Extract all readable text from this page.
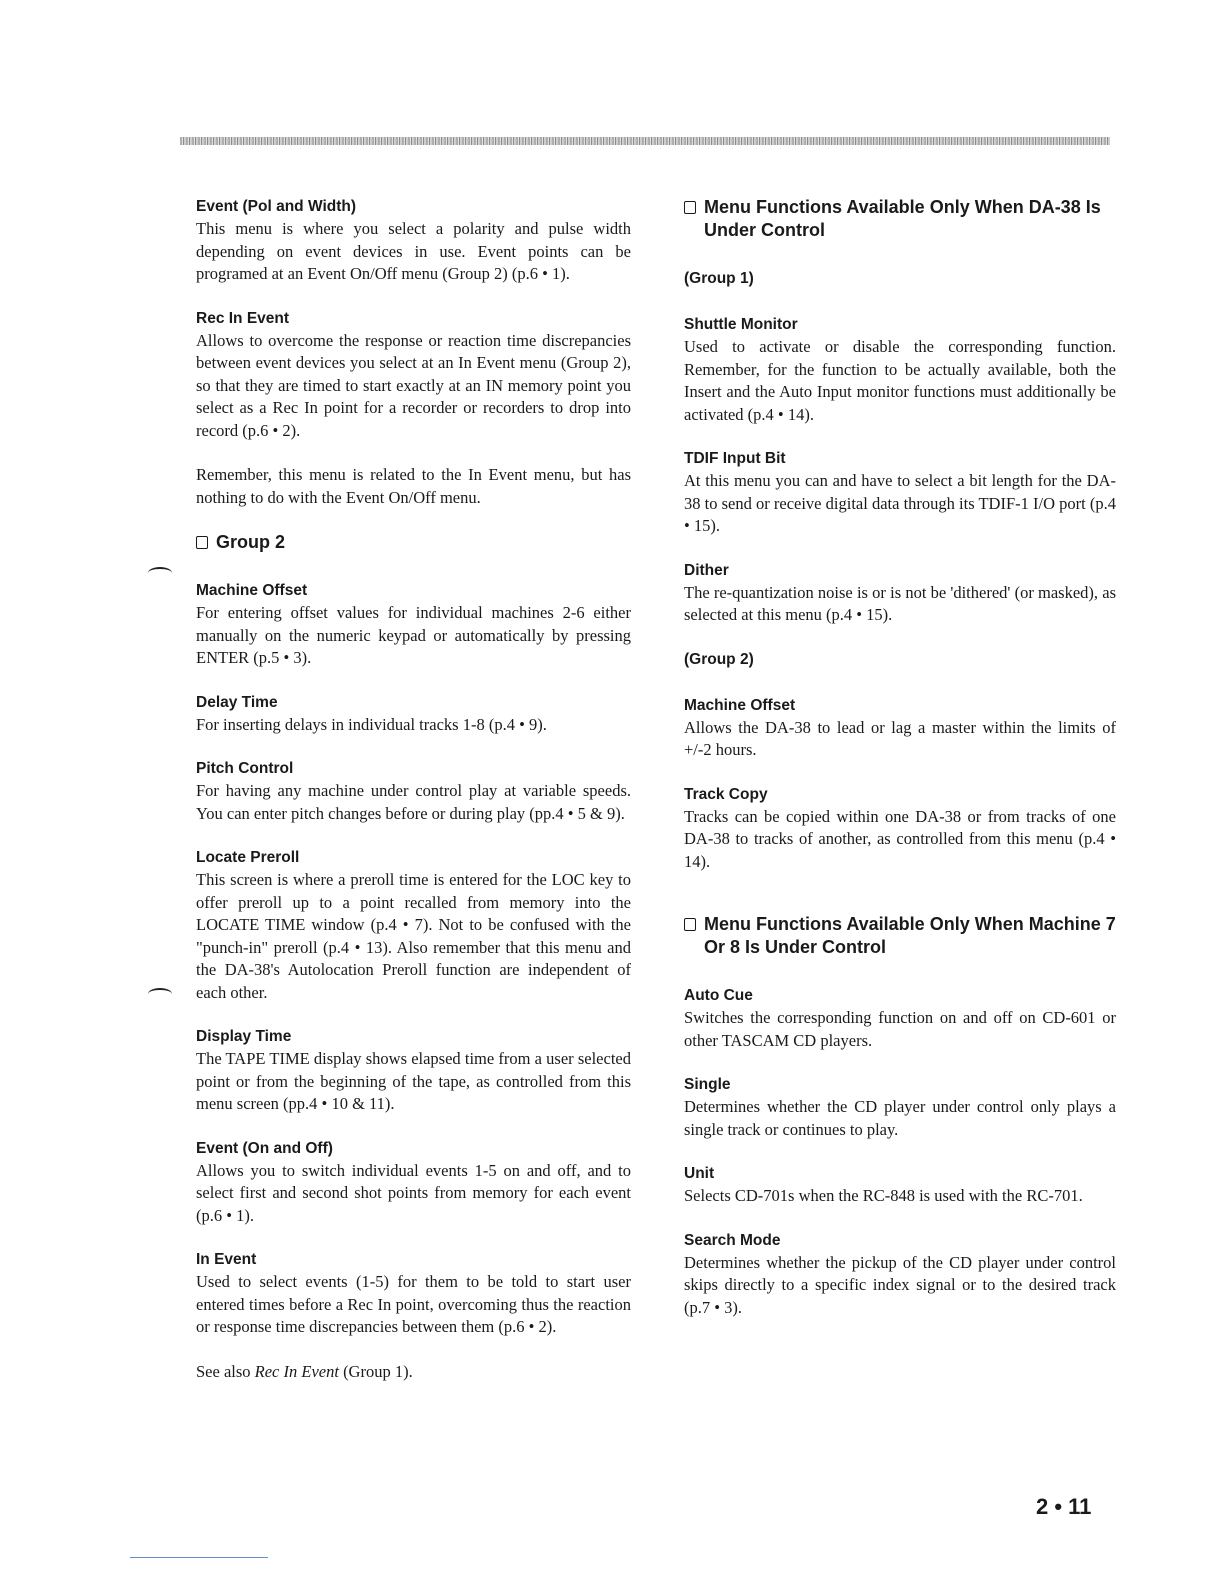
Event (Pol and Width)

This menu is where you select a polarity and pulse width depending on event devices in use. Event points can be programed at an Event On/Off menu (Group 2) (p.6 • 1).

Rec In Event

Allows to overcome the response or reaction time discrepancies between event devices you select at an In Event menu (Group 2), so that they are timed to start exactly at an IN memory point you select as a Rec In point for a recorder or recorders to drop into record (p.6 • 2).

Remember, this menu is related to the In Event menu, but has nothing to do with the Event On/Off menu.

Group 2

Machine Offset

For entering offset values for individual machines 2-6 either manually on the numeric keypad or automatically by pressing ENTER (p.5 • 3).

Delay Time

For inserting delays in individual tracks 1-8 (p.4 • 9).

Pitch Control

For having any machine under control play at variable speeds. You can enter pitch changes before or during play (pp.4 • 5 & 9).

Locate Preroll

This screen is where a preroll time is entered for the LOC key to offer preroll up to a point recalled from memory into the LOCATE TIME window (p.4 • 7). Not to be confused with the "punch-in" preroll (p.4 • 13). Also remember that this menu and the DA-38's Autolocation Preroll function are independent of each other.

Display Time

The TAPE TIME display shows elapsed time from a user selected point or from the beginning of the tape, as controlled from this menu screen (pp.4 • 10 & 11).

Event (On and Off)

Allows you to switch individual events 1-5 on and off, and to select first and second shot points from memory for each event (p.6 • 1).

In Event

Used to select events (1-5) for them to be told to start user entered times before a Rec In point, overcoming thus the reaction or response time discrepancies between them (p.6 • 2).

See also Rec In Event (Group 1).

Menu Functions Available Only When DA-38 Is Under Control

(Group 1)

Shuttle Monitor

Used to activate or disable the corresponding function. Remember, for the function to be actually available, both the Insert and the Auto Input monitor functions must additionally be activated (p.4 • 14).

TDIF Input Bit

At this menu you can and have to select a bit length for the DA-38 to send or receive digital data through its TDIF-1 I/O port (p.4 • 15).

Dither

The re-quantization noise is or is not be 'dithered' (or masked), as selected at this menu (p.4 • 15).

(Group 2)

Machine Offset

Allows the DA-38 to lead or lag a master within the limits of +/-2 hours.

Track Copy

Tracks can be copied within one DA-38 or from tracks of one DA-38 to tracks of another, as controlled from this menu (p.4 • 14).

Menu Functions Available Only When Machine 7 Or 8 Is Under Control

Auto Cue

Switches the corresponding function on and off on CD-601 or other TASCAM CD players.

Single

Determines whether the CD player under control only plays a single track or continues to play.

Unit

Selects CD-701s when the RC-848 is used with the RC-701.

Search Mode

Determines whether the pickup of the CD player under control skips directly to a specific index signal or to the desired track (p.7 • 3).

2 • 11
